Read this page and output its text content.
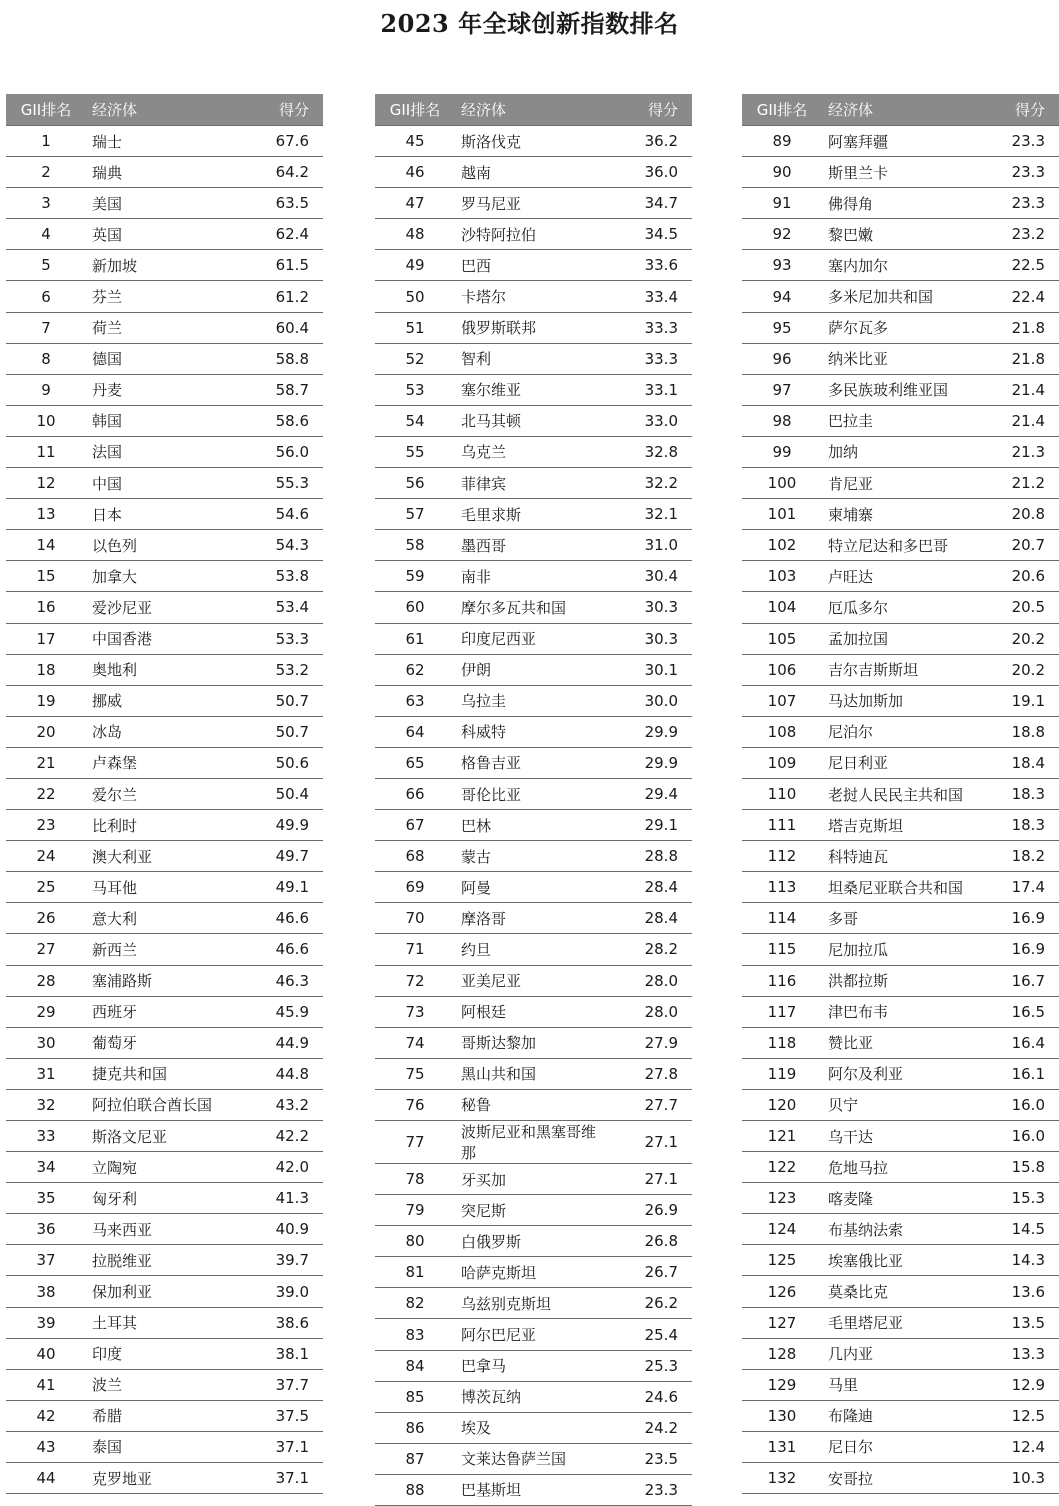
2023 年全球创新指数排名
GII排名	经济体	得分
1	瑞士	67.6
2	瑞典	64.2
3	美国	63.5
4	英国	62.4
5	新加坡	61.5
6	芬兰	61.2
7	荷兰	60.4
8	德国	58.8
9	丹麦	58.7
10	韩国	58.6
11	法国	56.0
12	中国	55.3
13	日本	54.6
14	以色列	54.3
15	加拿大	53.8
16	爱沙尼亚	53.4
17	中国香港	53.3
18	奥地利	53.2
19	挪威	50.7
20	冰岛	50.7
21	卢森堡	50.6
22	爱尔兰	50.4
23	比利时	49.9
24	澳大利亚	49.7
25	马耳他	49.1
26	意大利	46.6
27	新西兰	46.6
28	塞浦路斯	46.3
29	西班牙	45.9
30	葡萄牙	44.9
31	捷克共和国	44.8
32	阿拉伯联合酋长国	43.2
33	斯洛文尼亚	42.2
34	立陶宛	42.0
35	匈牙利	41.3
36	马来西亚	40.9
37	拉脱维亚	39.7
38	保加利亚	39.0
39	土耳其	38.6
40	印度	38.1
41	波兰	37.7
42	希腊	37.5
43	泰国	37.1
44	克罗地亚	37.1
GII排名	经济体	得分
45	斯洛伐克	36.2
46	越南	36.0
47	罗马尼亚	34.7
48	沙特阿拉伯	34.5
49	巴西	33.6
50	卡塔尔	33.4
51	俄罗斯联邦	33.3
52	智利	33.3
53	塞尔维亚	33.1
54	北马其顿	33.0
55	乌克兰	32.8
56	菲律宾	32.2
57	毛里求斯	32.1
58	墨西哥	31.0
59	南非	30.4
60	摩尔多瓦共和国	30.3
61	印度尼西亚	30.3
62	伊朗	30.1
63	乌拉圭	30.0
64	科威特	29.9
65	格鲁吉亚	29.9
66	哥伦比亚	29.4
67	巴林	29.1
68	蒙古	28.8
69	阿曼	28.4
70	摩洛哥	28.4
71	约旦	28.2
72	亚美尼亚	28.0
73	阿根廷	28.0
74	哥斯达黎加	27.9
75	黑山共和国	27.8
76	秘鲁	27.7
77	波斯尼亚和黑塞哥维那	27.1
78	牙买加	27.1
79	突尼斯	26.9
80	白俄罗斯	26.8
81	哈萨克斯坦	26.7
82	乌兹别克斯坦	26.2
83	阿尔巴尼亚	25.4
84	巴拿马	25.3
85	博茨瓦纳	24.6
86	埃及	24.2
87	文莱达鲁萨兰国	23.5
88	巴基斯坦	23.3
GII排名	经济体	得分
89	阿塞拜疆	23.3
90	斯里兰卡	23.3
91	佛得角	23.3
92	黎巴嫩	23.2
93	塞内加尔	22.5
94	多米尼加共和国	22.4
95	萨尔瓦多	21.8
96	纳米比亚	21.8
97	多民族玻利维亚国	21.4
98	巴拉圭	21.4
99	加纳	21.3
100	肯尼亚	21.2
101	柬埔寨	20.8
102	特立尼达和多巴哥	20.7
103	卢旺达	20.6
104	厄瓜多尔	20.5
105	孟加拉国	20.2
106	吉尔吉斯斯坦	20.2
107	马达加斯加	19.1
108	尼泊尔	18.8
109	尼日利亚	18.4
110	老挝人民民主共和国	18.3
111	塔吉克斯坦	18.3
112	科特迪瓦	18.2
113	坦桑尼亚联合共和国	17.4
114	多哥	16.9
115	尼加拉瓜	16.9
116	洪都拉斯	16.7
117	津巴布韦	16.5
118	赞比亚	16.4
119	阿尔及利亚	16.1
120	贝宁	16.0
121	乌干达	16.0
122	危地马拉	15.8
123	喀麦隆	15.3
124	布基纳法索	14.5
125	埃塞俄比亚	14.3
126	莫桑比克	13.6
127	毛里塔尼亚	13.5
128	几内亚	13.3
129	马里	12.9
130	布隆迪	12.5
131	尼日尔	12.4
132	安哥拉	10.3
